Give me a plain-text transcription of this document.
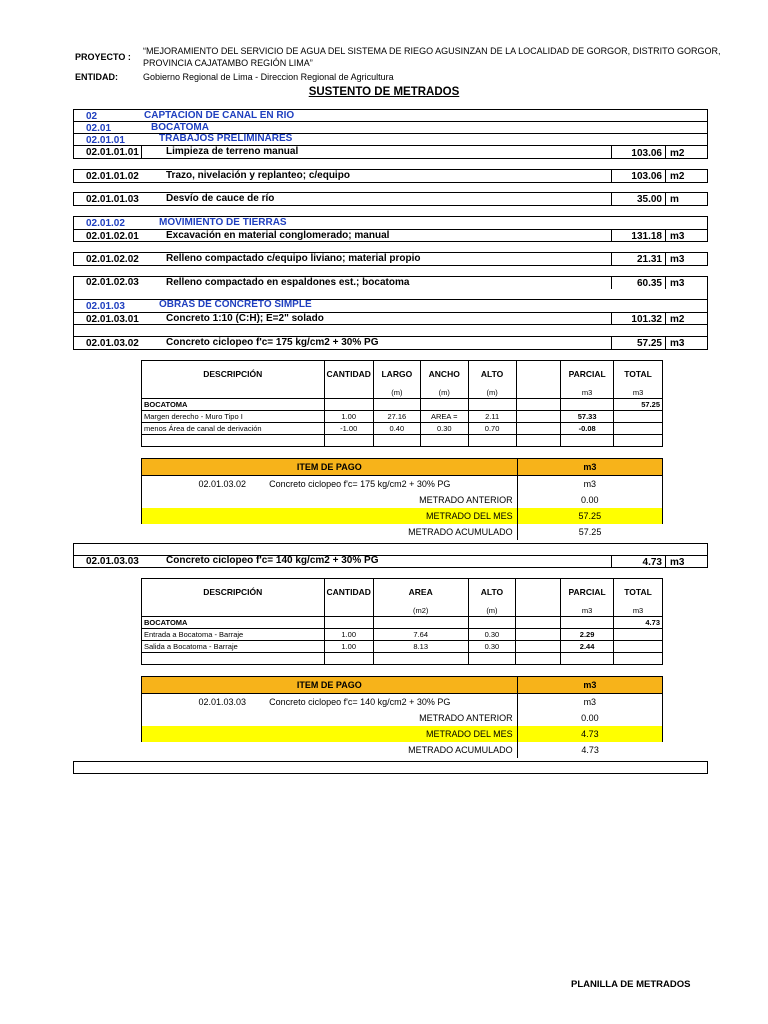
PROYECTO :
“MEJORAMIENTO DEL SERVICIO DE AGUA DEL SISTEMA DE RIEGO AGUSINZAN DE LA LOCALIDAD DE GORGOR, DISTRITO GORGOR,
PROVINCIA CAJATAMBO REGIÓN LIMA”
ENTIDAD:	Gobierno Regional de Lima - Direccion Regional de Agricultura
SUSTENTO DE METRADOS
02	CAPTACION DE CANAL EN RIO
02.01	BOCATOMA
02.01.01	TRABAJOS PRELIMINARES
02.01.01.01	Limpieza de terreno manual	103.06 m2
02.01.01.02	Trazo, nivelación y replanteo; c/equipo	103.06 m2
02.01.01.03	Desvío de cauce de río	35.00 m
02.01.02	MOVIMIENTO DE TIERRAS
02.01.02.01	Excavación en material conglomerado; manual	131.18 m3
02.01.02.02	Relleno compactado c/equipo liviano; material propio	21.31 m3
02.01.02.03	Relleno compactado en espaldones est.; bocatoma	60.35 m3
02.01.03	OBRAS DE CONCRETO SIMPLE
02.01.03.01	Concreto 1:10 (C:H); E=2" solado	101.32 m2
02.01.03.02	Concreto ciclopeo f'c= 175 kg/cm2 + 30% PG	57.25 m3
DESCRIPCIÓN	CANTIDAD	LARGO	ANCHO	ALTO		PARCIAL	TOTAL
		(m)	(m)	(m)		m3	m3
BOCATOMA							57.25
Margen derecho - Muro Tipo I	1.00	27.16	AREA =	2.11		57.33	
menos Área de canal de derivación	-1.00	0.40	0.30	0.70		-0.08	

ITEM DE PAGO	m3
02.01.03.02 Concreto ciclopeo f'c= 175 kg/cm2 + 30% PG	m3
METRADO ANTERIOR	0.00
METRADO DEL MES	57.25
METRADO ACUMULADO	57.25
02.01.03.03	Concreto ciclopeo f'c= 140 kg/cm2 + 30% PG	4.73 m3
DESCRIPCIÓN	CANTIDAD	AREA	ALTO		PARCIAL	TOTAL
		(m2)	(m)		m3	m3
BOCATOMA						4.73
Entrada a Bocatoma - Barraje	1.00	7.64	0.30		2.29	
Salida a Bocatoma - Barraje	1.00	8.13	0.30		2.44	

ITEM DE PAGO	m3
02.01.03.03 Concreto ciclopeo f'c= 140 kg/cm2 + 30% PG	m3
METRADO ANTERIOR	0.00
METRADO DEL MES	4.73
METRADO ACUMULADO	4.73
PLANILLA DE METRADOS
